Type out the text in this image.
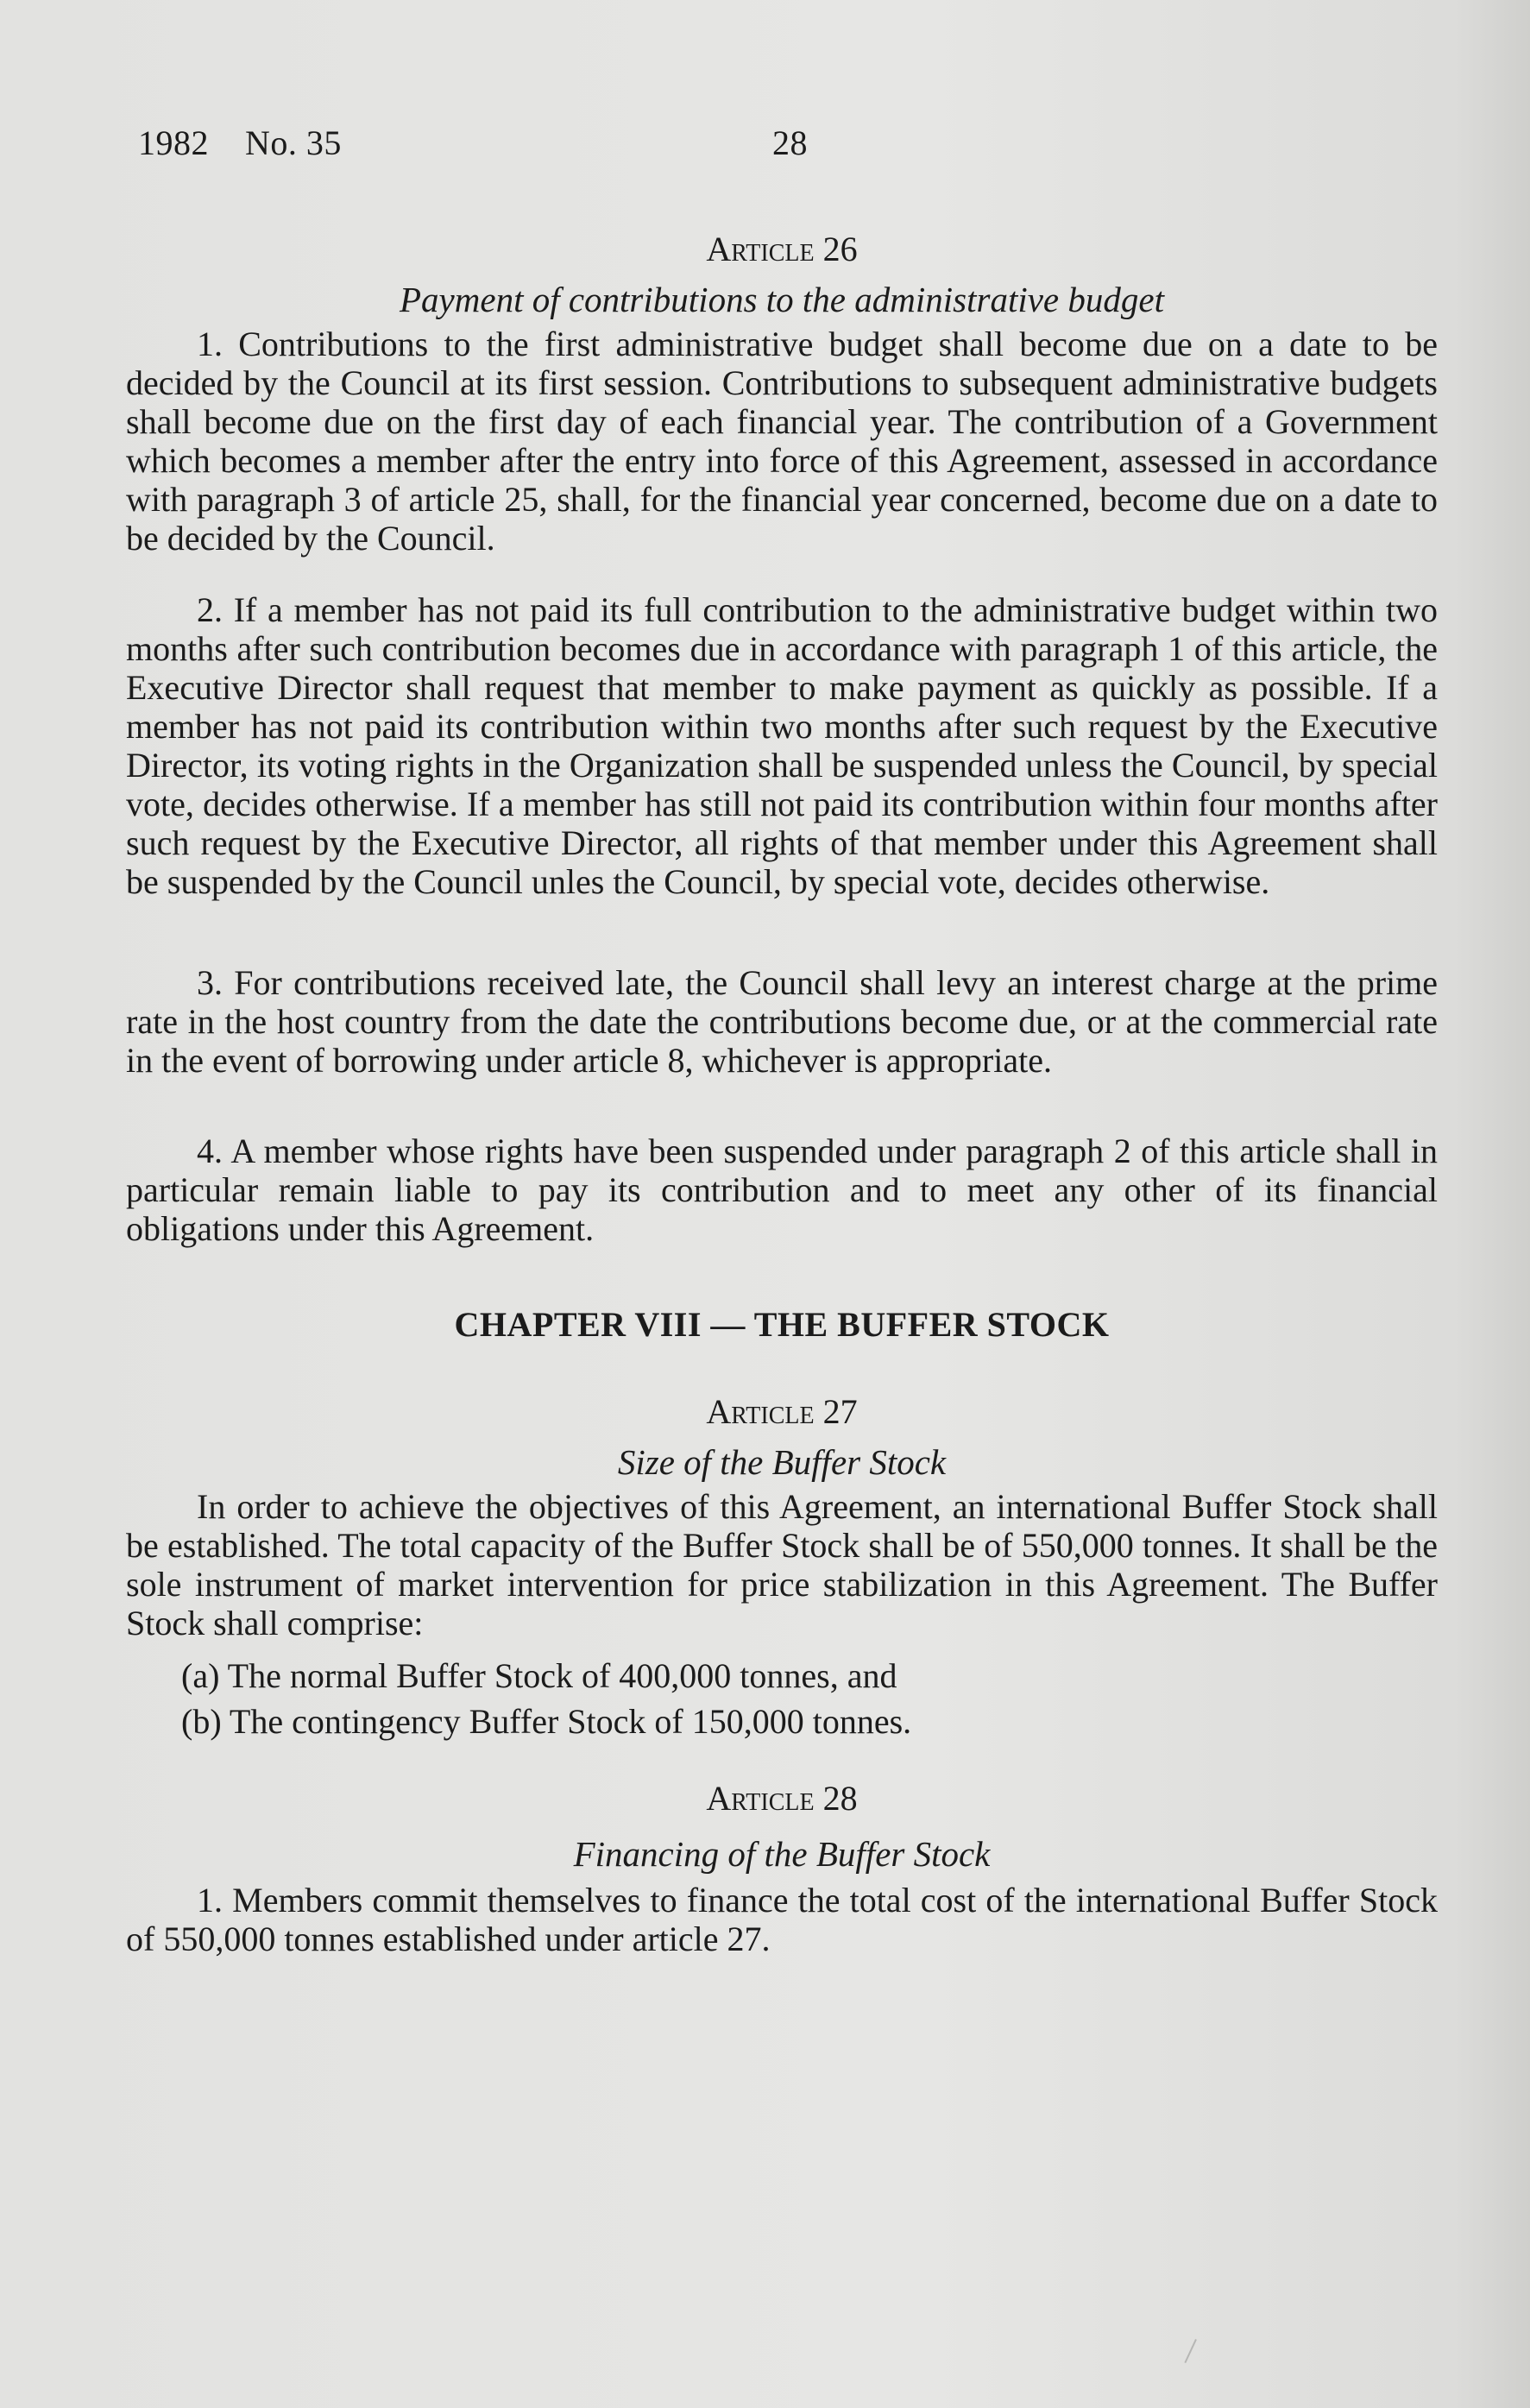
1982    No. 35	28

Article 26

Payment of contributions to the administrative budget

1. Contributions to the first administrative budget shall become due on a date to be decided by the Council at its first session. Contributions to subsequent administrative budgets shall become due on the first day of each financial year. The contribution of a Government which becomes a member after the entry into force of this Agreement, assessed in accordance with paragraph 3 of article 25, shall, for the financial year concerned, become due on a date to be decided by the Council.

2. If a member has not paid its full contribution to the administrative budget within two months after such contribution becomes due in accordance with paragraph 1 of this article, the Executive Director shall request that member to make payment as quickly as possible. If a member has not paid its contribution within two months after such request by the Executive Director, its voting rights in the Organization shall be suspended unless the Council, by special vote, decides otherwise. If a member has still not paid its contribution within four months after such request by the Executive Director, all rights of that member under this Agreement shall be suspended by the Council unles the Council, by special vote, decides otherwise.

3. For contributions received late, the Council shall levy an interest charge at the prime rate in the host country from the date the contributions become due, or at the commercial rate in the event of borrowing under article 8, whichever is appropriate.

4. A member whose rights have been suspended under paragraph 2 of this article shall in particular remain liable to pay its contribution and to meet any other of its financial obligations under this Agreement.

CHAPTER VIII — THE BUFFER STOCK

Article 27

Size of the Buffer Stock

In order to achieve the objectives of this Agreement, an international Buffer Stock shall be established. The total capacity of the Buffer Stock shall be of 550,000 tonnes. It shall be the sole instrument of market intervention for price stabilization in this Agreement. The Buffer Stock shall comprise:

(a) The normal Buffer Stock of 400,000 tonnes, and

(b) The contingency Buffer Stock of 150,000 tonnes.

Article 28

Financing of the Buffer Stock

1. Members commit themselves to finance the total cost of the international Buffer Stock of 550,000 tonnes established under article 27.
